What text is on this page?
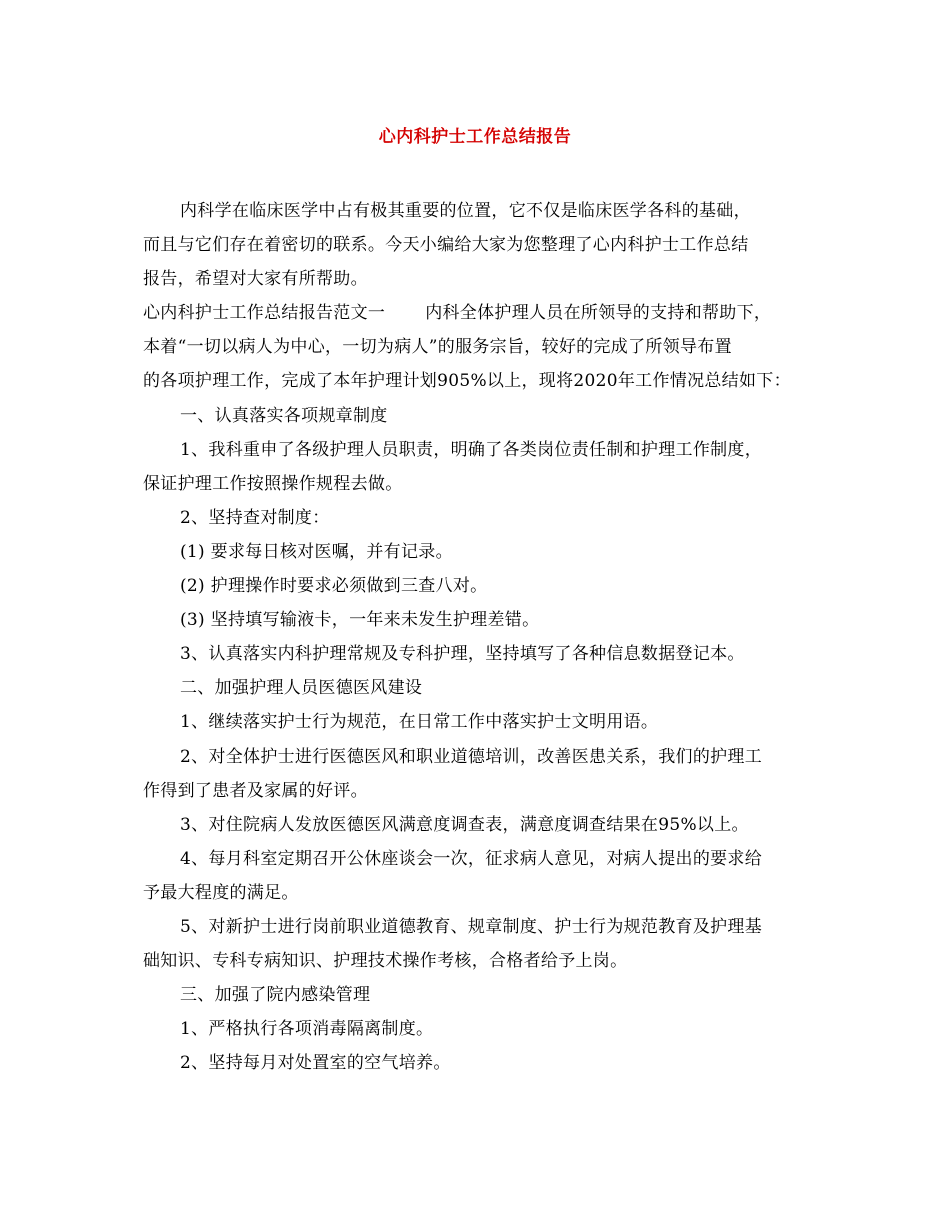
心内科护士工作总结报告
内科学在临床医学中占有极其重要的位置，它不仅是临床医学各科的基础，
而且与它们存在着密切的联系。今天小编给大家为您整理了心内科护士工作总结
报告，希望对大家有所帮助。
心内科护士工作总结报告范文一 内科全体护理人员在所领导的支持和帮助下，
本着“一切以病人为中心，一切为病人”的服务宗旨，较好的完成了所领导布置
的各项护理工作，完成了本年护理计划905%以上，现将2020年工作情况总结如下：
一、认真落实各项规章制度
1、我科重申了各级护理人员职责，明确了各类岗位责任制和护理工作制度，
保证护理工作按照操作规程去做。
2、坚持查对制度：
(1) 要求每日核对医嘱，并有记录。
(2) 护理操作时要求必须做到三查八对。
(3) 坚持填写输液卡，一年来未发生护理差错。
3、认真落实内科护理常规及专科护理，坚持填写了各种信息数据登记本。
二、加强护理人员医德医风建设
1、继续落实护士行为规范，在日常工作中落实护士文明用语。
2、对全体护士进行医德医风和职业道德培训，改善医患关系，我们的护理工
作得到了患者及家属的好评。
3、对住院病人发放医德医风满意度调查表，满意度调查结果在95%以上。
4、每月科室定期召开公休座谈会一次，征求病人意见，对病人提出的要求给
予最大程度的满足。
5、对新护士进行岗前职业道德教育、规章制度、护士行为规范教育及护理基
础知识、专科专病知识、护理技术操作考核，合格者给予上岗。
三、加强了院内感染管理
1、严格执行各项消毒隔离制度。
2、坚持每月对处置室的空气培养。
